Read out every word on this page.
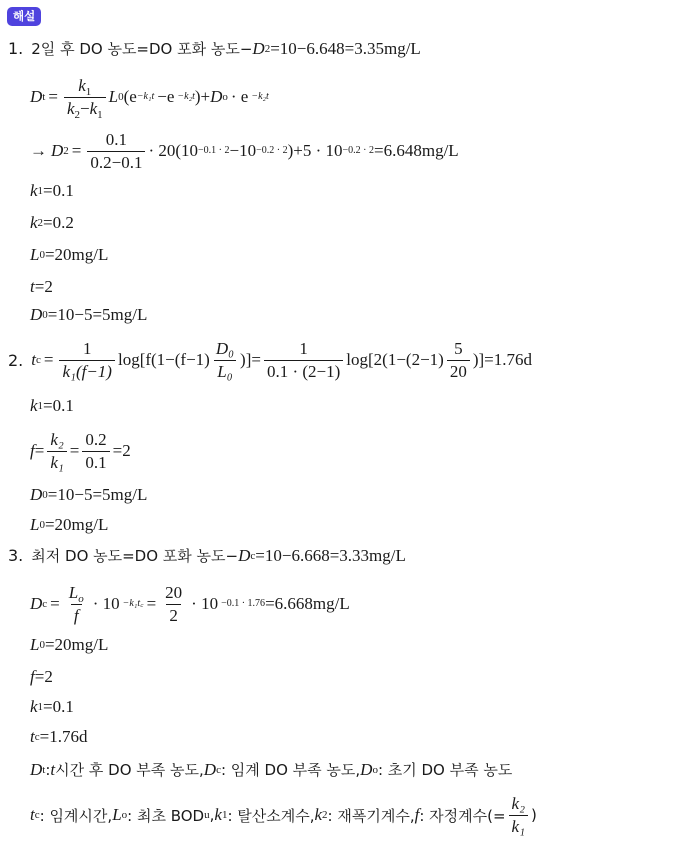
해설
1. 2일 후 DO 농도=DO 포화 농도− D 2 =10−6.648=3.35mg/L
D $t = \frac{k_1}{k_2-k_1}$ L 0 (e −k₁t −e −k₂t )+ D o · e −k₂t
→ D $2 = \frac{0.1}{0.2-0.1} \cdot 20(10 -0.1 \cdot 2 -10 -0.2 \cdot 2$ )+5 · 10 −0.2 · 2 =6.648mg/L
k 1 =0.1
k 2 =0.2
L 0 =20mg/L
t =2
D 0 =10−5=5mg/L
2. t $c = \frac{1}{\text{k₁(f−1)}} \log[f(1-(f-1) \frac{\text{D₀}}{\text{L₀}}$ )]= $\frac{1}{0.1 \cdot (2-1)} \log[2(1-(2-1) \frac{5}{20} )]=1.76d$
k 1 =0.1
$f = \frac{\text{k₂}}{\text{k₁}} = \frac{0.2}{0.1} =2$
D 0 =10−5=5mg/L
L 0 =20mg/L
3. 최저 DO 농도=DO 포화 농도− D c =10−6.668=3.33mg/L
D $c = \frac{L_o}{f} \cdot 10$ −k₁t꜀ = $\frac{20}{2} \cdot 10 -0.1 \cdot 1.76 =6.668mg/L$
L 0 =20mg/L
f =2
k 1 =0.1
t c =1.76d
D t : t 시간 후 DO 부족 농도, D c : 임계 DO 부족 농도, D o : 초기 DO 부족 농도
t c : 임계시간, L o : 최초 BOD u , k 1 : 탈산소계수, k 2 : 재폭기계수, f : 자정계수(= $\frac{\text{k₂}}{\text{k₁}}$ )
